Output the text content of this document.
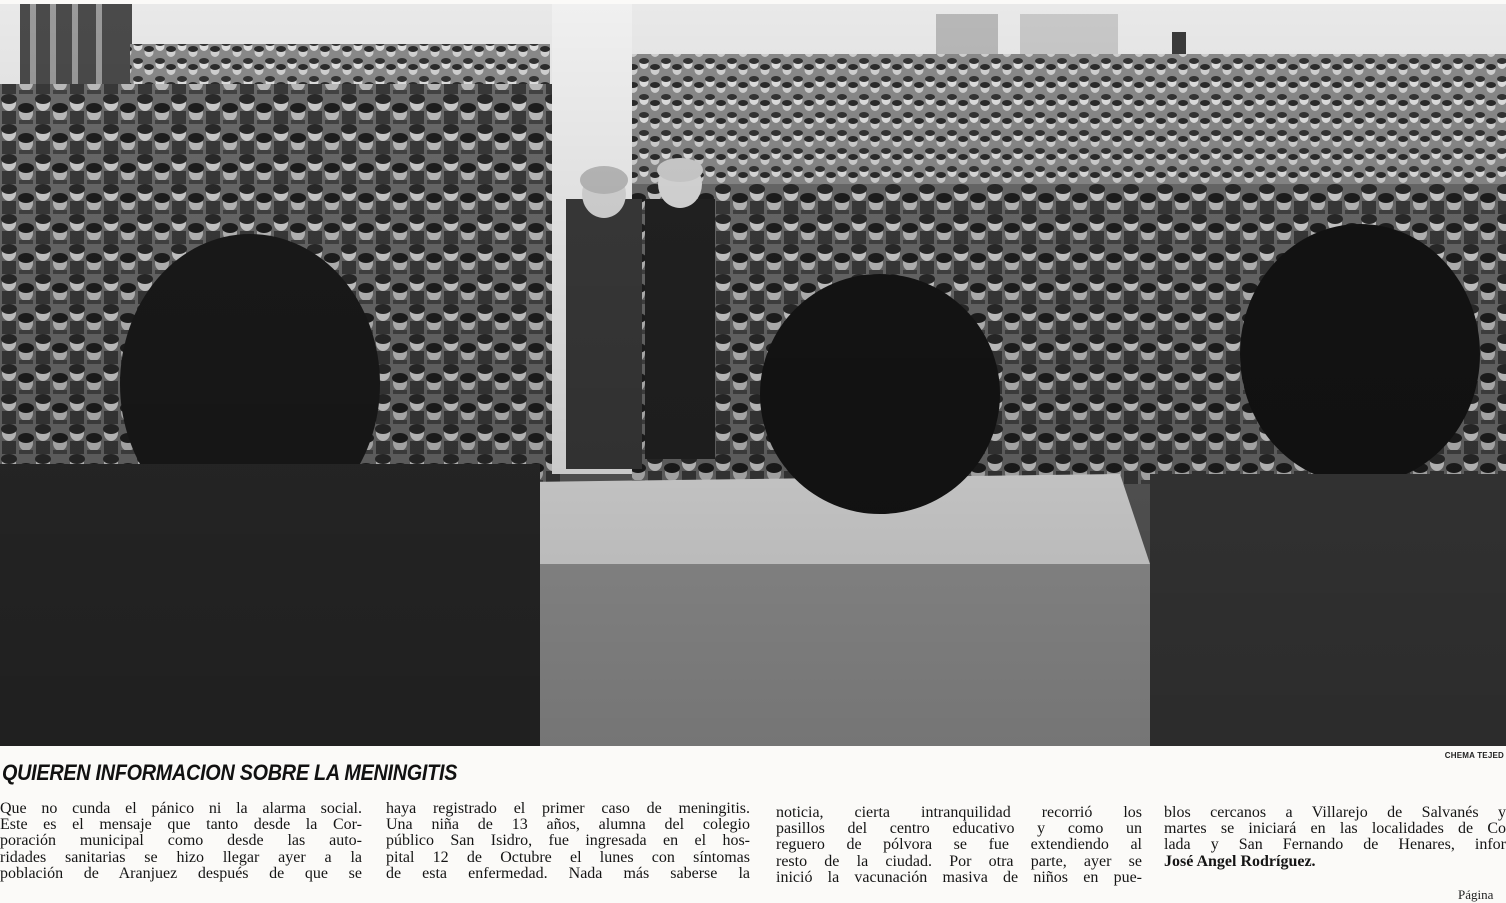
CHEMA TEJED
QUIEREN INFORMACION SOBRE LA MENINGITIS
Que no cunda el pánico ni la alarma social.
Este es el mensaje que tanto desde la Cor-
poración municipal como desde las auto-
ridades sanitarias se hizo llegar ayer a la
población de Aranjuez después de que se
haya registrado el primer caso de meningitis.
Una niña de 13 años, alumna del colegio
público San Isidro, fue ingresada en el hos-
pital 12 de Octubre el lunes con síntomas
de esta enfermedad. Nada más saberse la
noticia, cierta intranquilidad recorrió los
pasillos del centro educativo y como un
reguero de pólvora se fue extendiendo al
resto de la ciudad. Por otra parte, ayer se
inició la vacunación masiva de niños en pue-
blos cercanos a Villarejo de Salvanés y
martes se iniciará en las localidades de Co
lada y San Fernando de Henares, infor
José Angel Rodríguez.
Página
